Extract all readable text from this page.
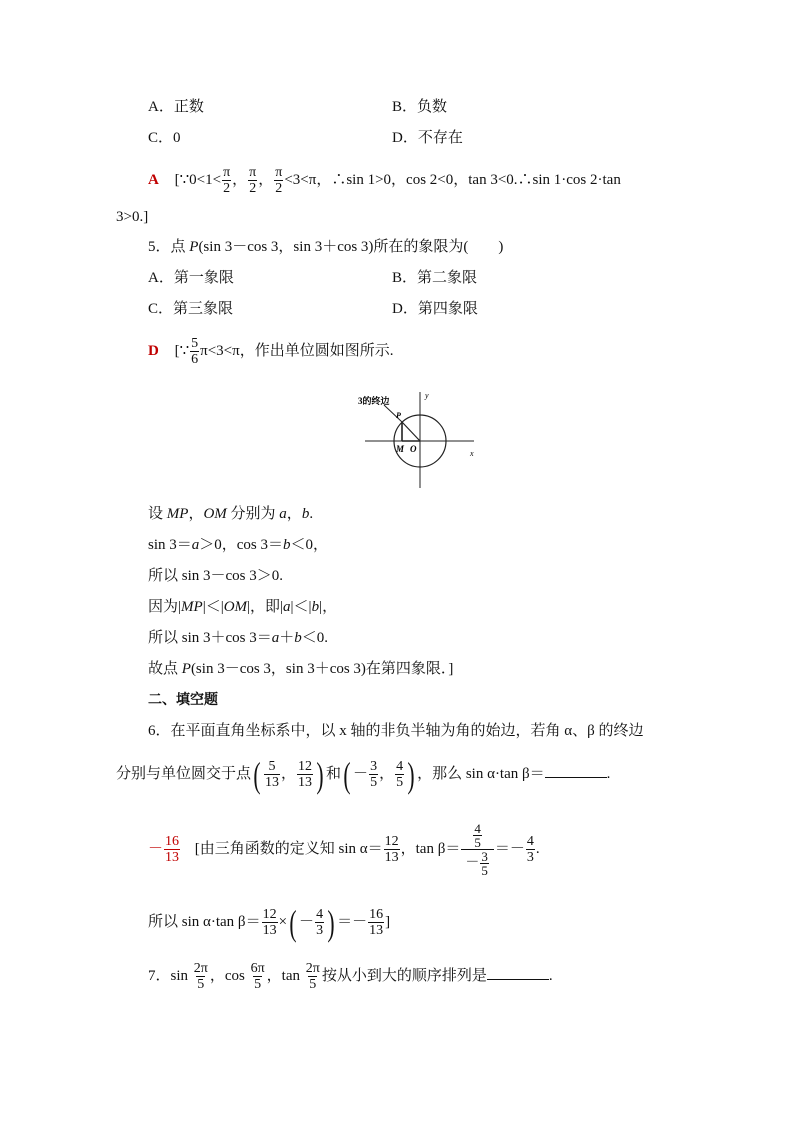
A．正数	B．负数
C．0	D．不存在
A [∵0<1< $\frac{\pi}{2}$ ， $\frac{\pi}{2}$ ， $\frac{\pi}{2} <3<\pi$，∴sin 1>0，cos 2<0，tan 3<0.∴sin 1·cos 2·tan
3>0.]
5．点 P(sin 3－cos 3，sin 3＋cos 3)所在的象限为(　　)
A．第一象限	B．第二象限
C．第三象限	D．第四象限
D [∵ $\frac{5}{6} \pi<3<\pi$，作出单位圆如图所示.
3的终边
P
M O	x
y
设 MP，OM 分别为 a，b.
sin 3＝a＞0，cos 3＝b＜0，
所以 sin 3－cos 3＞0.
因为|MP|＜|OM|，即|a|＜|b|，
所以 sin 3＋cos 3＝a＋b＜0.
故点 P(sin 3－cos 3，sin 3＋cos 3)在第四象限．]
二、填空题
6．在平面直角坐标系中，以 x 轴的非负半轴为角的始边，若角 α、β 的终边
分别与单位圆交于点( $\frac{5}{13}$ ， $\frac{12}{13}$ ) 和( － $\frac{3}{5}$ ， $\frac{4}{5}$ ) ，那么 sin α·tan β＝	.
－ $\frac{16}{13}$ [由三角函数的定义知 $\sin \alpha= \frac{12}{13}$ ，$\tan \beta= \frac{\frac{4}{5}}{- \frac{3}{5}} =- \frac{4}{3}$ .
所以 sin α·tan $\beta= \frac{12}{13}$ ×( － $\frac{4}{3}$ ) ＝－ $\frac{16}{13}$ ]
7．$\sin \frac{2\pi}{5}$ ，$\cos \frac{6\pi}{5}$ ，$\tan \frac{2\pi}{5}$ 按从小到大的顺序排列是	.
